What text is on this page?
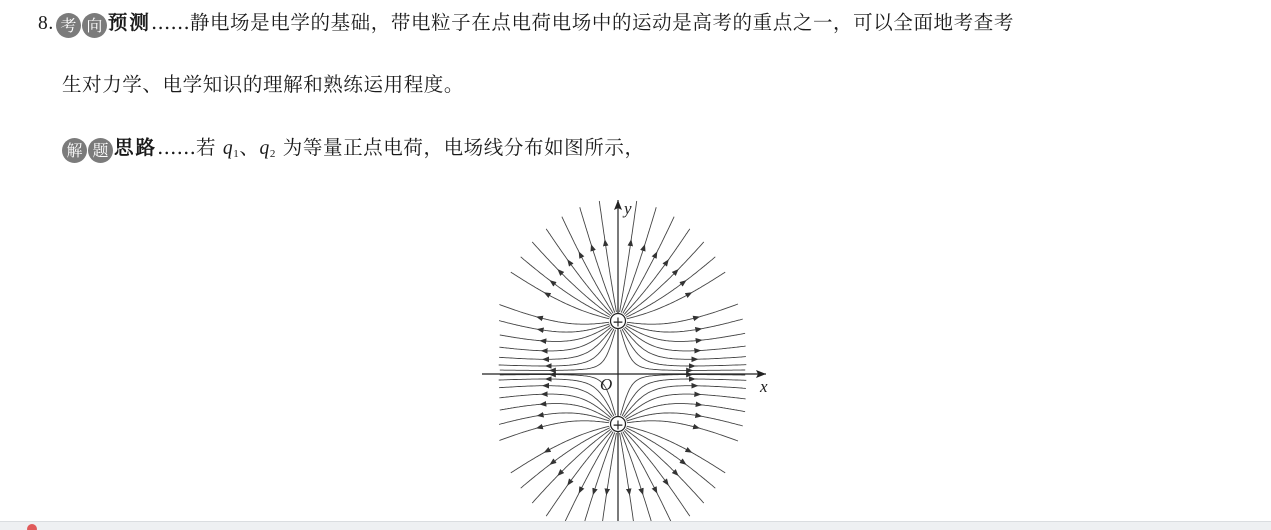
8. 考 向 预测……静电场是电学的基础，带电粒子在点电荷电场中的运动是高考的重点之一，可以全面地考查考
生对力学、电学知识的理解和熟练运用程度。
解 题 思路……若 $q_1$、$q_2$ 为等量正点电荷，电场线分布如图所示，
x
y
O
+
+
